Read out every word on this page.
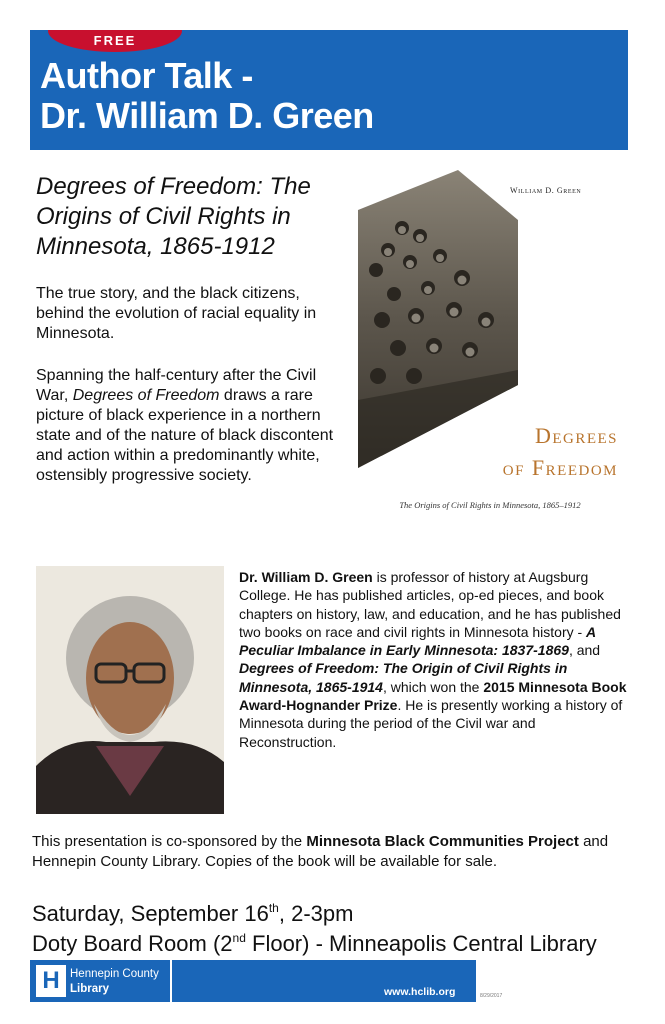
FREE
Author Talk -
Dr. William D. Green
Degrees of Freedom: The Origins of Civil Rights in Minnesota, 1865-1912

The true story, and the black citizens, behind the evolution of racial equality in Minnesota.

Spanning the half-century after the Civil War, Degrees of Freedom draws a rare picture of black experience in a northern state and of the nature of black discontent and action within a predominantly white, ostensibly progressive society.

William D. Green
Degrees
of Freedom
The Origins of Civil Rights in Minnesota, 1865–1912

Dr. William D. Green is professor of history at Augsburg College. He has published articles, op-ed pieces, and book chapters on history, law, and education, and he has published two books on race and civil rights in Minnesota history - A Peculiar Imbalance in Early Minnesota: 1837-1869, and Degrees of Freedom: The Origin of Civil Rights in Minnesota, 1865-1914, which won the 2015 Minnesota Book Award-Hognander Prize. He is presently working a history of Minnesota during the period of the Civil war and Reconstruction.

This presentation is co-sponsored by the Minnesota Black Communities Project and Hennepin County Library. Copies of the book will be available for sale.

Saturday, September 16th, 2-3pm
Doty Board Room (2nd Floor) - Minneapolis Central Library
H Hennepin County
Library	www.hclib.org	8/29/2017
